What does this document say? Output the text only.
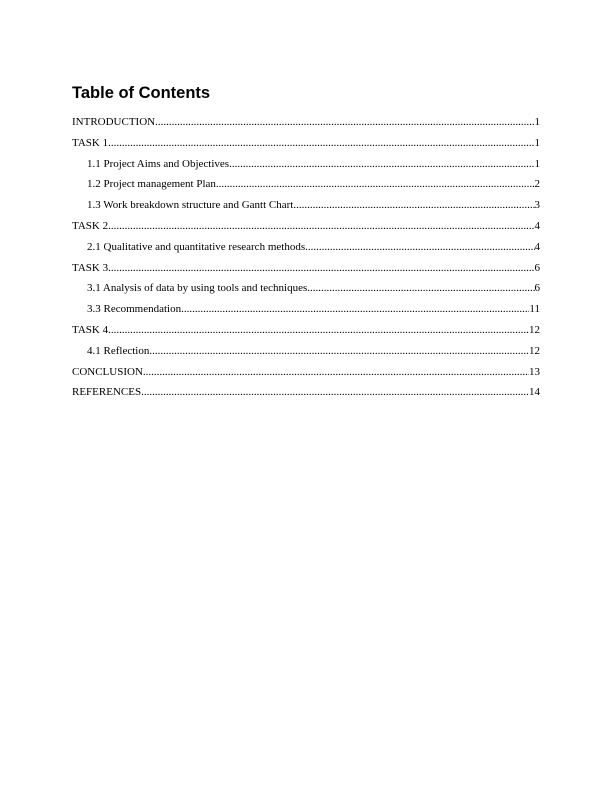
Table of Contents
INTRODUCTION .....	1
TASK 1 .....	1
1.1 Project Aims and Objectives .....	1
1.2 Project management Plan .....	2
1.3 Work breakdown structure and Gantt Chart .....	3
TASK 2 .....	4
2.1 Qualitative and quantitative research methods .....	4
TASK 3 .....	6
3.1 Analysis of data by using tools and techniques .....	6
3.3 Recommendation .....	11
TASK 4 .....	12
4.1 Reflection .....	12
CONCLUSION .....	13
REFERENCES .....	14
